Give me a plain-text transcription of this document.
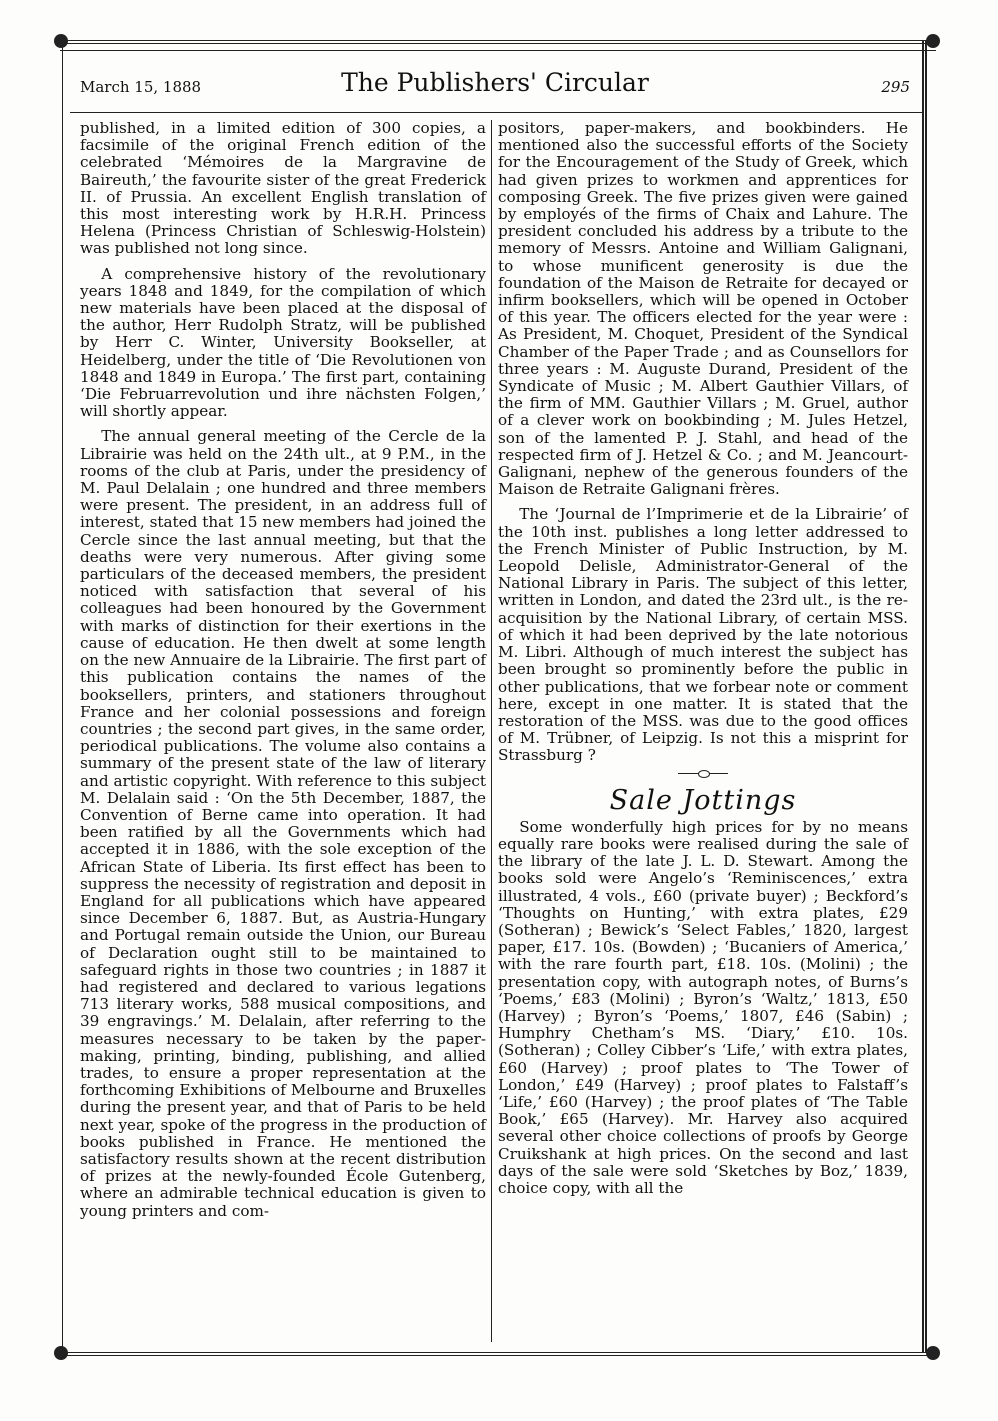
March 15, 1888	The Publishers' Circular	295

published, in a limited edition of 300 copies, a facsimile of the original French edition of the celebrated ‘Mémoires de la Margravine de Baireuth,’ the favourite sister of the great Frederick II. of Prussia. An excellent English translation of this most interesting work by H.R.H. Princess Helena (Princess Christian of Schleswig-Holstein) was published not long since.

A comprehensive history of the revolutionary years 1848 and 1849, for the compilation of which new materials have been placed at the disposal of the author, Herr Rudolph Stratz, will be published by Herr C. Winter, University Bookseller, at Heidelberg, under the title of ‘Die Revolutionen von 1848 and 1849 in Europa.’ The first part, containing ‘Die Februarrevolution und ihre nächsten Folgen,’ will shortly appear.

The annual general meeting of the Cercle de la Librairie was held on the 24th ult., at 9 P.M., in the rooms of the club at Paris, under the presidency of M. Paul Delalain ; one hundred and three members were present. The president, in an address full of interest, stated that 15 new members had joined the Cercle since the last annual meeting, but that the deaths were very numerous. After giving some particulars of the deceased members, the president noticed with satisfaction that several of his colleagues had been honoured by the Government with marks of distinction for their exertions in the cause of education. He then dwelt at some length on the new Annuaire de la Librairie. The first part of this publication contains the names of the booksellers, printers, and stationers throughout France and her colonial possessions and foreign countries ; the second part gives, in the same order, periodical publications. The volume also contains a summary of the present state of the law of literary and artistic copyright. With reference to this subject M. Delalain said : ‘On the 5th December, 1887, the Convention of Berne came into operation. It had been ratified by all the Governments which had accepted it in 1886, with the sole exception of the African State of Liberia. Its first effect has been to suppress the necessity of registration and deposit in England for all publications which have appeared since December 6, 1887. But, as Austria-Hungary and Portugal remain outside the Union, our Bureau of Declaration ought still to be maintained to safeguard rights in those two countries ; in 1887 it had registered and declared to various legations 713 literary works, 588 musical compositions, and 39 engravings.’ M. Delalain, after referring to the measures necessary to be taken by the paper-making, printing, binding, publishing, and allied trades, to ensure a proper representation at the forthcoming Exhibitions of Melbourne and Bruxelles during the present year, and that of Paris to be held next year, spoke of the progress in the production of books published in France. He mentioned the satisfactory results shown at the recent distribution of prizes at the newly-founded École Gutenberg, where an admirable technical education is given to young printers and com-

positors, paper-makers, and bookbinders. He mentioned also the successful efforts of the Society for the Encouragement of the Study of Greek, which had given prizes to workmen and apprentices for composing Greek. The five prizes given were gained by employés of the firms of Chaix and Lahure. The president concluded his address by a tribute to the memory of Messrs. Antoine and William Galignani, to whose munificent generosity is due the foundation of the Maison de Retraite for decayed or infirm booksellers, which will be opened in October of this year. The officers elected for the year were : As President, M. Choquet, President of the Syndical Chamber of the Paper Trade ; and as Counsellors for three years : M. Auguste Durand, President of the Syndicate of Music ; M. Albert Gauthier Villars, of the firm of MM. Gauthier Villars ; M. Gruel, author of a clever work on bookbinding ; M. Jules Hetzel, son of the lamented P. J. Stahl, and head of the respected firm of J. Hetzel & Co. ; and M. Jeancourt-Galignani, nephew of the generous founders of the Maison de Retraite Galignani frères.

The ‘Journal de l’Imprimerie et de la Librairie’ of the 10th inst. publishes a long letter addressed to the French Minister of Public Instruction, by M. Leopold Delisle, Administrator-General of the National Library in Paris. The subject of this letter, written in London, and dated the 23rd ult., is the re-acquisition by the National Library, of certain MSS. of which it had been deprived by the late notorious M. Libri. Although of much interest the subject has been brought so prominently before the public in other publications, that we forbear note or comment here, except in one matter. It is stated that the restoration of the MSS. was due to the good offices of M. Trübner, of Leipzig. Is not this a misprint for Strassburg ?

Sale Jottings

Some wonderfully high prices for by no means equally rare books were realised during the sale of the library of the late J. L. D. Stewart. Among the books sold were Angelo’s ‘Reminiscences,’ extra illustrated, 4 vols., £60 (private buyer) ; Beckford’s ‘Thoughts on Hunting,’ with extra plates, £29 (Sotheran) ; Bewick’s ‘Select Fables,’ 1820, largest paper, £17. 10s. (Bowden) ; ‘Bucaniers of America,’ with the rare fourth part, £18. 10s. (Molini) ; the presentation copy, with autograph notes, of Burns’s ‘Poems,’ £83 (Molini) ; Byron’s ‘Waltz,’ 1813, £50 (Harvey) ; Byron’s ‘Poems,’ 1807, £46 (Sabin) ; Humphry Chetham’s MS. ‘Diary,’ £10. 10s. (Sotheran) ; Colley Cibber’s ‘Life,’ with extra plates, £60 (Harvey) ; proof plates to ‘The Tower of London,’ £49 (Harvey) ; proof plates to Falstaff’s ‘Life,’ £60 (Harvey) ; the proof plates of ‘The Table Book,’ £65 (Harvey). Mr. Harvey also acquired several other choice collections of proofs by George Cruikshank at high prices. On the second and last days of the sale were sold ‘Sketches by Boz,’ 1839, choice copy, with all the
